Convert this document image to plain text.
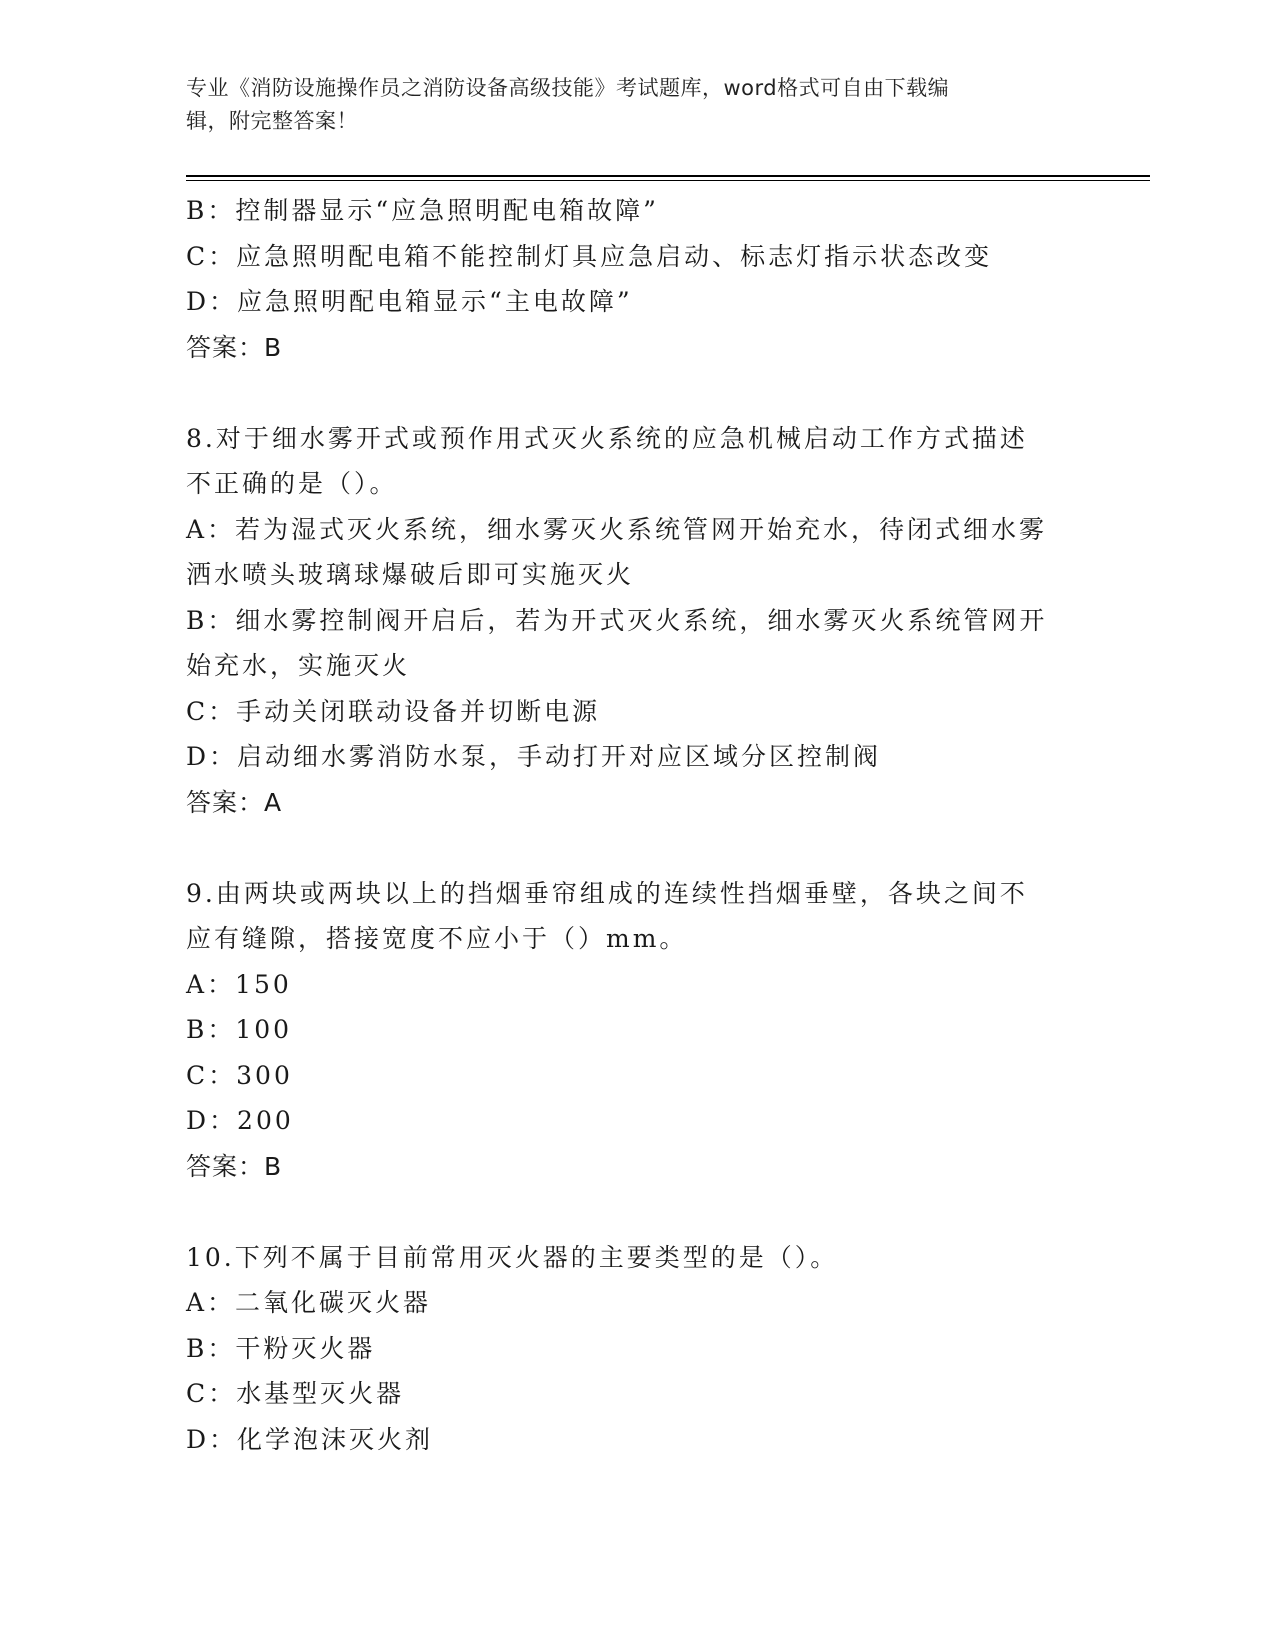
专业《消防设施操作员之消防设备高级技能》考试题库，word格式可自由下载编
辑，附完整答案！
B：控制器显示“应急照明配电箱故障”
C：应急照明配电箱不能控制灯具应急启动、标志灯指示状态改变
D：应急照明配电箱显示“主电故障”
答案：B
8.对于细水雾开式或预作用式灭火系统的应急机械启动工作方式描述
不正确的是（）。
A：若为湿式灭火系统，细水雾灭火系统管网开始充水，待闭式细水雾
洒水喷头玻璃球爆破后即可实施灭火
B：细水雾控制阀开启后，若为开式灭火系统，细水雾灭火系统管网开
始充水，实施灭火
C：手动关闭联动设备并切断电源
D：启动细水雾消防水泵，手动打开对应区域分区控制阀
答案：A
9.由两块或两块以上的挡烟垂帘组成的连续性挡烟垂壁，各块之间不
应有缝隙，搭接宽度不应小于（）mm。
A：150
B：100
C：300
D：200
答案：B
10.下列不属于目前常用灭火器的主要类型的是（）。
A：二氧化碳灭火器
B：干粉灭火器
C：水基型灭火器
D：化学泡沫灭火剂
